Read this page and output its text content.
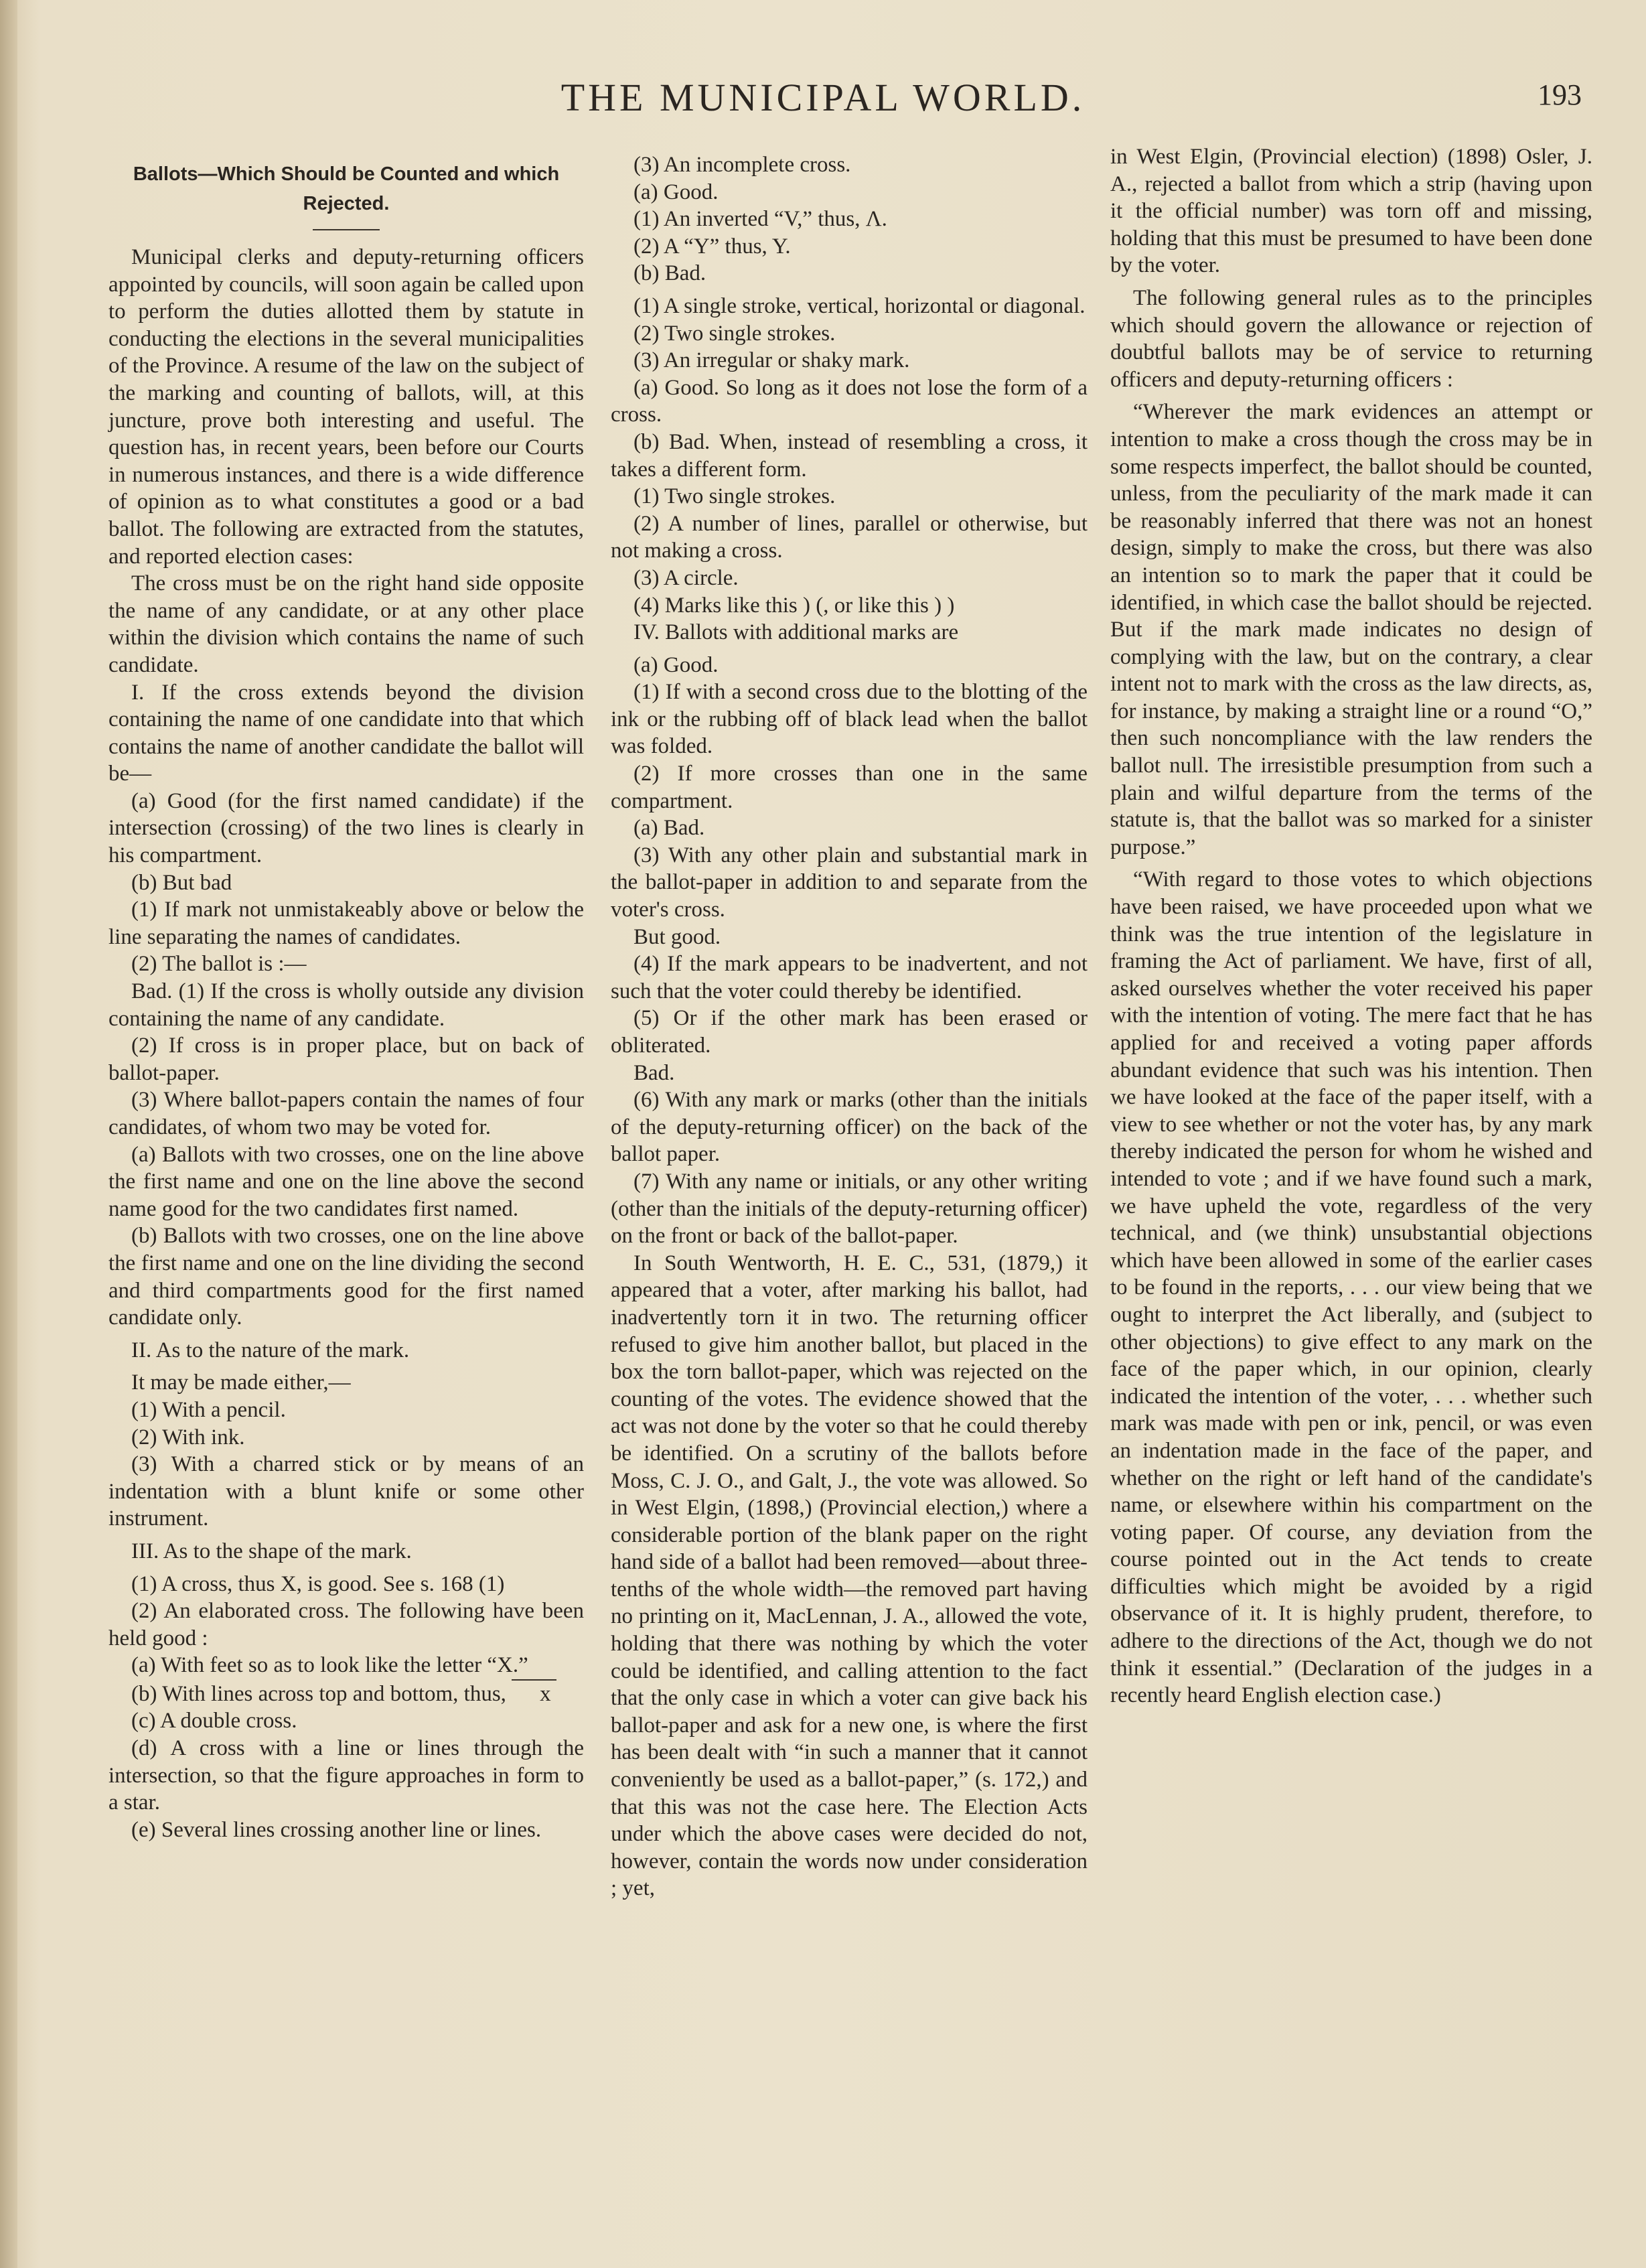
THE MUNICIPAL WORLD.	193

Ballots—Which Should be Counted and which
Rejected.

Municipal clerks and deputy-returning officers appointed by councils, will soon again be called upon to perform the duties allotted them by statute in conducting the elections in the several municipalities of the Province. A resume of the law on the subject of the marking and counting of ballots, will, at this juncture, prove both interesting and useful. The question has, in recent years, been before our Courts in numerous instances, and there is a wide difference of opinion as to what constitutes a good or a bad ballot. The following are extracted from the statutes, and reported election cases:

The cross must be on the right hand side opposite the name of any candidate, or at any other place within the division which contains the name of such candidate.

I. If the cross extends beyond the division containing the name of one candidate into that which contains the name of another candidate the ballot will be—

(a) Good (for the first named candidate) if the intersection (crossing) of the two lines is clearly in his compartment.

(b) But bad

(1) If mark not unmistakeably above or below the line separating the names of candidates.

(2) The ballot is :—

Bad. (1) If the cross is wholly outside any division containing the name of any candidate.

(2) If cross is in proper place, but on back of ballot-paper.

(3) Where ballot-papers contain the names of four candidates, of whom two may be voted for.

(a) Ballots with two crosses, one on the line above the first name and one on the line above the second name good for the two candidates first named.

(b) Ballots with two crosses, one on the line above the first name and one on the line dividing the second and third compartments good for the first named candidate only.

II. As to the nature of the mark.

It may be made either,—

(1) With a pencil.

(2) With ink.

(3) With a charred stick or by means of an indentation with a blunt knife or some other instrument.

III. As to the shape of the mark.

(1) A cross, thus X, is good. See s. 168 (1)

(2) An elaborated cross. The following have been held good :

(a) With feet so as to look like the letter “X.”

(b) With lines across top and bottom, thus, x

(c) A double cross.

(d) A cross with a line or lines through the intersection, so that the figure approaches in form to a star.

(e) Several lines crossing another line or lines.

(3) An incomplete cross.

(a) Good.

(1) An inverted “V,” thus, Λ.

(2) A “Y” thus, Y.

(b) Bad.

(1) A single stroke, vertical, horizontal or diagonal.

(2) Two single strokes.

(3) An irregular or shaky mark.

(a) Good. So long as it does not lose the form of a cross.

(b) Bad. When, instead of resembling a cross, it takes a different form.

(1) Two single strokes.

(2) A number of lines, parallel or otherwise, but not making a cross.

(3) A circle.

(4) Marks like this ) (, or like this ) )

IV. Ballots with additional marks are

(a) Good.

(1) If with a second cross due to the blotting of the ink or the rubbing off of black lead when the ballot was folded.

(2) If more crosses than one in the same compartment.

(a) Bad.

(3) With any other plain and substantial mark in the ballot-paper in addition to and separate from the voter's cross.

But good.

(4) If the mark appears to be inadvertent, and not such that the voter could thereby be identified.

(5) Or if the other mark has been erased or obliterated.

Bad.

(6) With any mark or marks (other than the initials of the deputy-returning officer) on the back of the ballot paper.

(7) With any name or initials, or any other writing (other than the initials of the deputy-returning officer) on the front or back of the ballot-paper.

In South Wentworth, H. E. C., 531, (1879,) it appeared that a voter, after marking his ballot, had inadvertently torn it in two. The returning officer refused to give him another ballot, but placed in the box the torn ballot-paper, which was rejected on the counting of the votes. The evidence showed that the act was not done by the voter so that he could thereby be identified. On a scrutiny of the ballots before Moss, C. J. O., and Galt, J., the vote was allowed. So in West Elgin, (1898,) (Provincial election,) where a considerable portion of the blank paper on the right hand side of a ballot had been removed—about three-tenths of the whole width—the removed part having no printing on it, MacLennan, J. A., allowed the vote, holding that there was nothing by which the voter could be identified, and calling attention to the fact that the only case in which a voter can give back his ballot-paper and ask for a new one, is where the first has been dealt with “in such a manner that it cannot conveniently be used as a ballot-paper,” (s. 172,) and that this was not the case here. The Election Acts under which the above cases were decided do not, however, contain the words now under consideration ; yet,

in West Elgin, (Provincial election) (1898) Osler, J. A., rejected a ballot from which a strip (having upon it the official number) was torn off and missing, holding that this must be presumed to have been done by the voter.

The following general rules as to the principles which should govern the allowance or rejection of doubtful ballots may be of service to returning officers and deputy-returning officers :

“Wherever the mark evidences an attempt or intention to make a cross though the cross may be in some respects imperfect, the ballot should be counted, unless, from the peculiarity of the mark made it can be reasonably inferred that there was not an honest design, simply to make the cross, but there was also an intention so to mark the paper that it could be identified, in which case the ballot should be rejected. But if the mark made indicates no design of complying with the law, but on the contrary, a clear intent not to mark with the cross as the law directs, as, for instance, by making a straight line or a round “O,” then such noncompliance with the law renders the ballot null. The irresistible presumption from such a plain and wilful departure from the terms of the statute is, that the ballot was so marked for a sinister purpose.”

“With regard to those votes to which objections have been raised, we have proceeded upon what we think was the true intention of the legislature in framing the Act of parliament. We have, first of all, asked ourselves whether the voter received his paper with the intention of voting. The mere fact that he has applied for and received a voting paper affords abundant evidence that such was his intention. Then we have looked at the face of the paper itself, with a view to see whether or not the voter has, by any mark thereby indicated the person for whom he wished and intended to vote ; and if we have found such a mark, we have upheld the vote, regardless of the very technical, and (we think) unsubstantial objections which have been allowed in some of the earlier cases to be found in the reports, . . . our view being that we ought to interpret the Act liberally, and (subject to other objections) to give effect to any mark on the face of the paper which, in our opinion, clearly indicated the intention of the voter, . . . whether such mark was made with pen or ink, pencil, or was even an indentation made in the face of the paper, and whether on the right or left hand of the candidate's name, or elsewhere within his compartment on the voting paper. Of course, any deviation from the course pointed out in the Act tends to create difficulties which might be avoided by a rigid observance of it. It is highly prudent, therefore, to adhere to the directions of the Act, though we do not think it essential.” (Declaration of the judges in a recently heard English election case.)
